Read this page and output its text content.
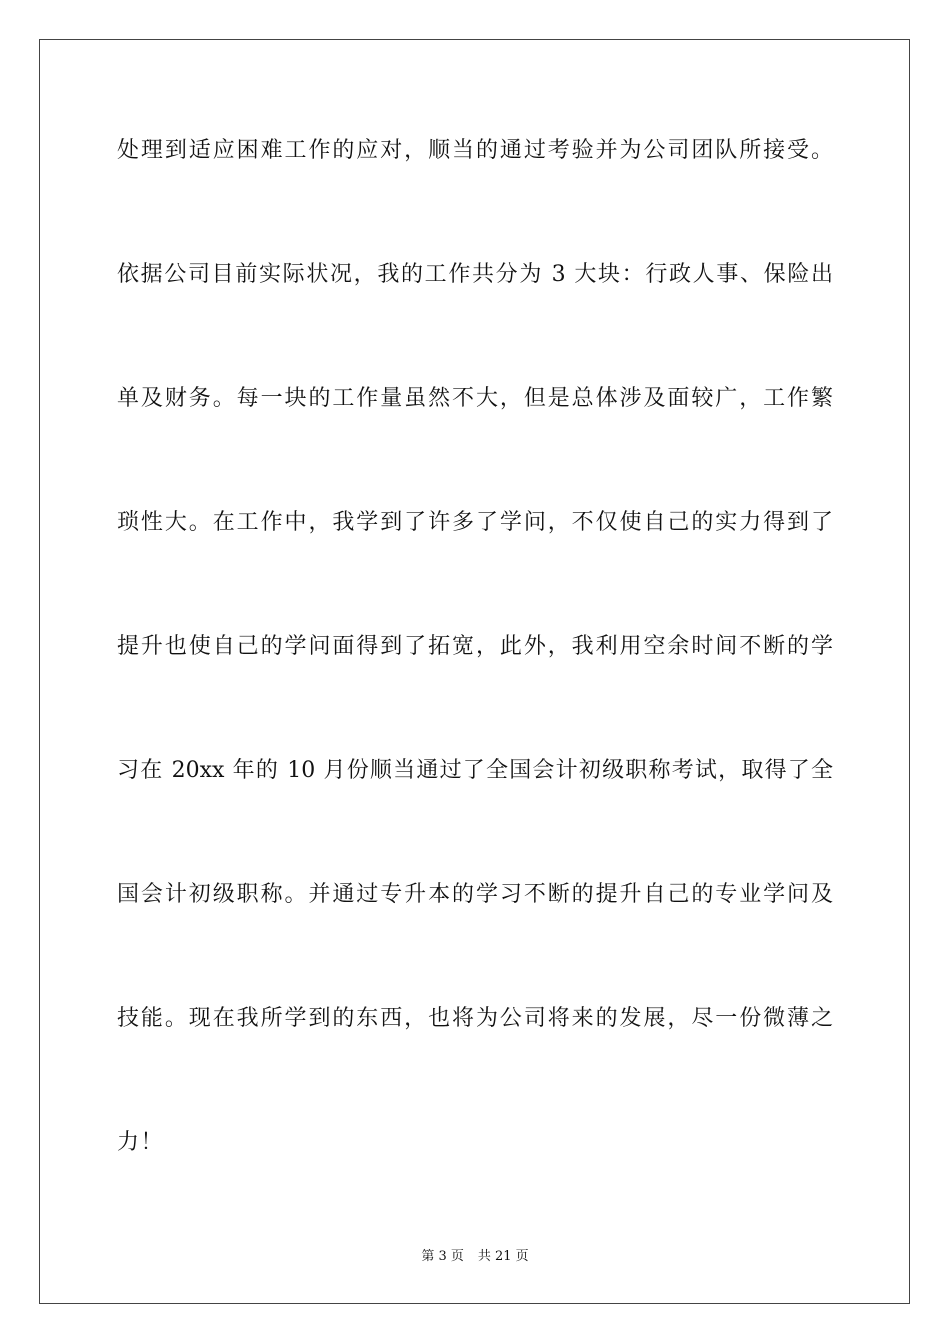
处理到适应困难工作的应对，顺当的通过考验并为公司团队所接受。
依据公司目前实际状况，我的工作共分为 3 大块：行政人事、保险出
单及财务。每一块的工作量虽然不大，但是总体涉及面较广，工作繁
琐性大。在工作中，我学到了许多了学问，不仅使自己的实力得到了
提升也使自己的学问面得到了拓宽，此外，我利用空余时间不断的学
习在 20xx 年的 10 月份顺当通过了全国会计初级职称考试，取得了全
国会计初级职称。并通过专升本的学习不断的提升自己的专业学问及
技能。现在我所学到的东西，也将为公司将来的发展，尽一份微薄之
力！
第 3 页 共 21 页
